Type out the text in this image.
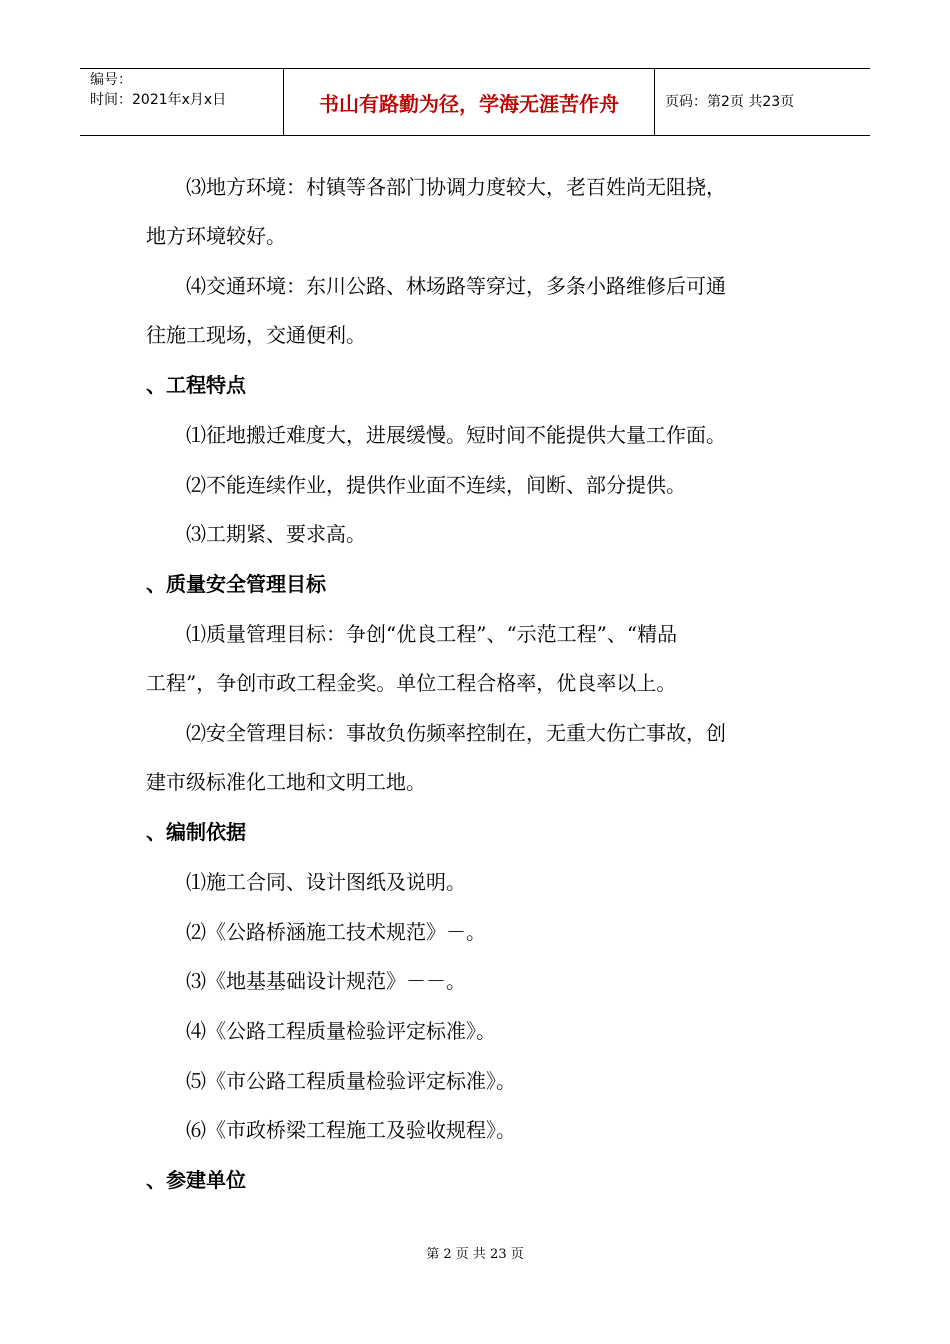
编号：
时间：2021年x月x日	书山有路勤为径，学海无涯苦作舟	页码：第2页 共23页
⑶地方环境：村镇等各部门协调力度较大，老百姓尚无阻挠，
地方环境较好。
⑷交通环境：东川公路、林场路等穿过，多条小路维修后可通
往施工现场，交通便利。
、工程特点
⑴征地搬迁难度大，进展缓慢。短时间不能提供大量工作面。
⑵不能连续作业，提供作业面不连续，间断、部分提供。
⑶工期紧、要求高。
、质量安全管理目标
⑴质量管理目标：争创“优良工程”、“示范工程”、“精品
工程”，争创市政工程金奖。单位工程合格率，优良率以上。
⑵安全管理目标：事故负伤频率控制在，无重大伤亡事故，创
建市级标准化工地和文明工地。
、编制依据
⑴施工合同、设计图纸及说明。
⑵《公路桥涵施工技术规范》－。
⑶《地基基础设计规范》－－。
⑷《公路工程质量检验评定标准》。
⑸《市公路工程质量检验评定标准》。
⑹《市政桥梁工程施工及验收规程》。
、参建单位
第 2 页 共 23 页
